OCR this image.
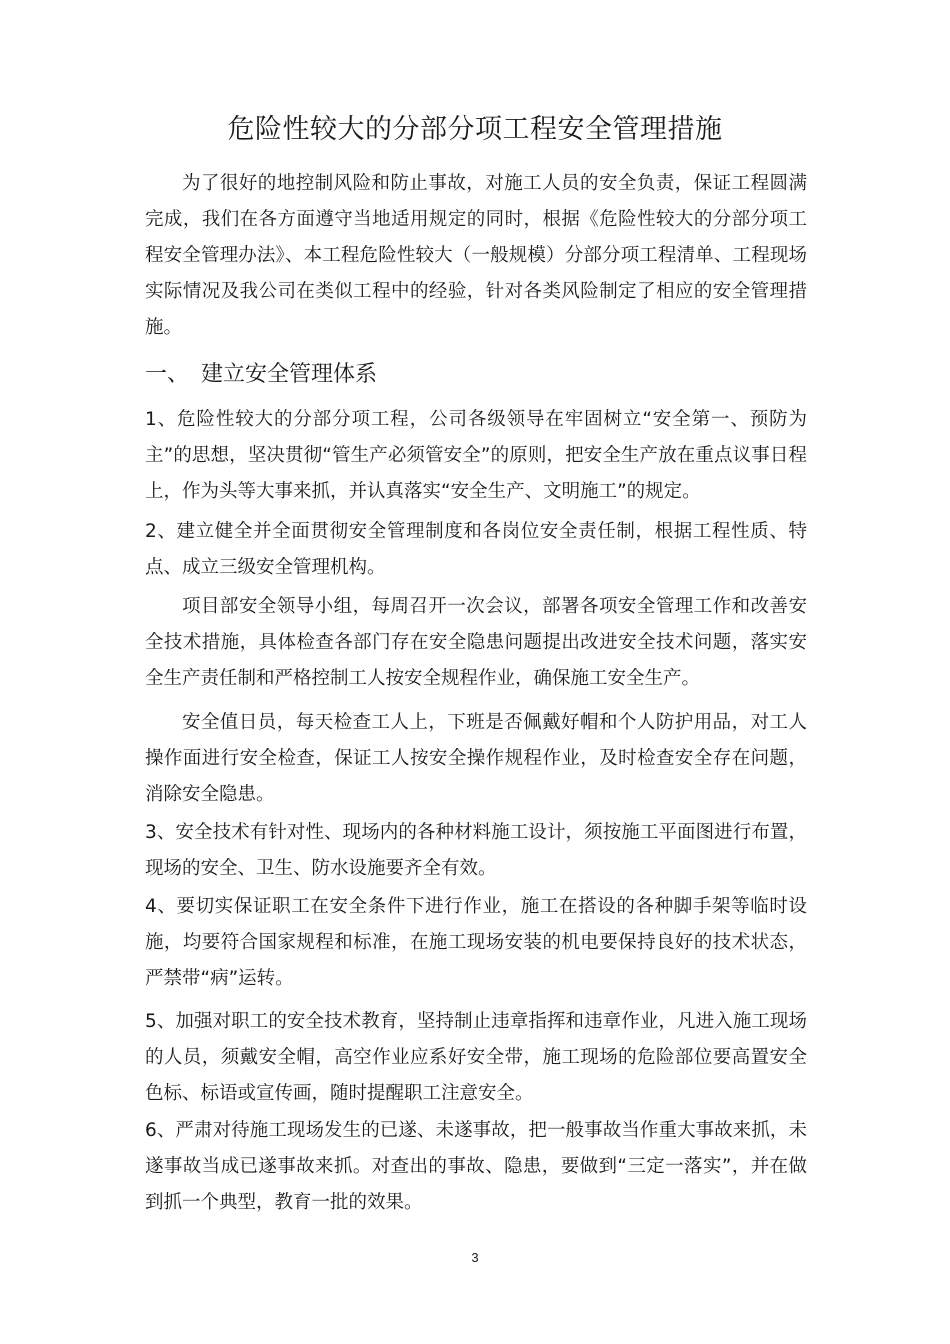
危险性较大的分部分项工程安全管理措施

为了很好的地控制风险和防止事故，对施工人员的安全负责，保证工程圆满完成，我们在各方面遵守当地适用规定的同时，根据《危险性较大的分部分项工程安全管理办法》、本工程危险性较大（一般规模）分部分项工程清单、工程现场实际情况及我公司在类似工程中的经验，针对各类风险制定了相应的安全管理措施。

一、 建立安全管理体系

1、危险性较大的分部分项工程，公司各级领导在牢固树立“安全第一、预防为主”的思想，坚决贯彻“管生产必须管安全”的原则，把安全生产放在重点议事日程上，作为头等大事来抓，并认真落实“安全生产、文明施工”的规定。

2、建立健全并全面贯彻安全管理制度和各岗位安全责任制，根据工程性质、特点、成立三级安全管理机构。

项目部安全领导小组，每周召开一次会议，部署各项安全管理工作和改善安全技术措施，具体检查各部门存在安全隐患问题提出改进安全技术问题，落实安全生产责任制和严格控制工人按安全规程作业，确保施工安全生产。

安全值日员，每天检查工人上，下班是否佩戴好帽和个人防护用品，对工人操作面进行安全检查，保证工人按安全操作规程作业，及时检查安全存在问题，消除安全隐患。

3、安全技术有针对性、现场内的各种材料施工设计，须按施工平面图进行布置，现场的安全、卫生、防水设施要齐全有效。

4、要切实保证职工在安全条件下进行作业，施工在搭设的各种脚手架等临时设施，均要符合国家规程和标准，在施工现场安装的机电要保持良好的技术状态，严禁带“病”运转。

5、加强对职工的安全技术教育，坚持制止违章指挥和违章作业，凡进入施工现场的人员，须戴安全帽，高空作业应系好安全带，施工现场的危险部位要高置安全色标、标语或宣传画，随时提醒职工注意安全。

6、严肃对待施工现场发生的已遂、未遂事故，把一般事故当作重大事故来抓，未遂事故当成已遂事故来抓。对查出的事故、隐患，要做到“三定一落实”，并在做到抓一个典型，教育一批的效果。

3
